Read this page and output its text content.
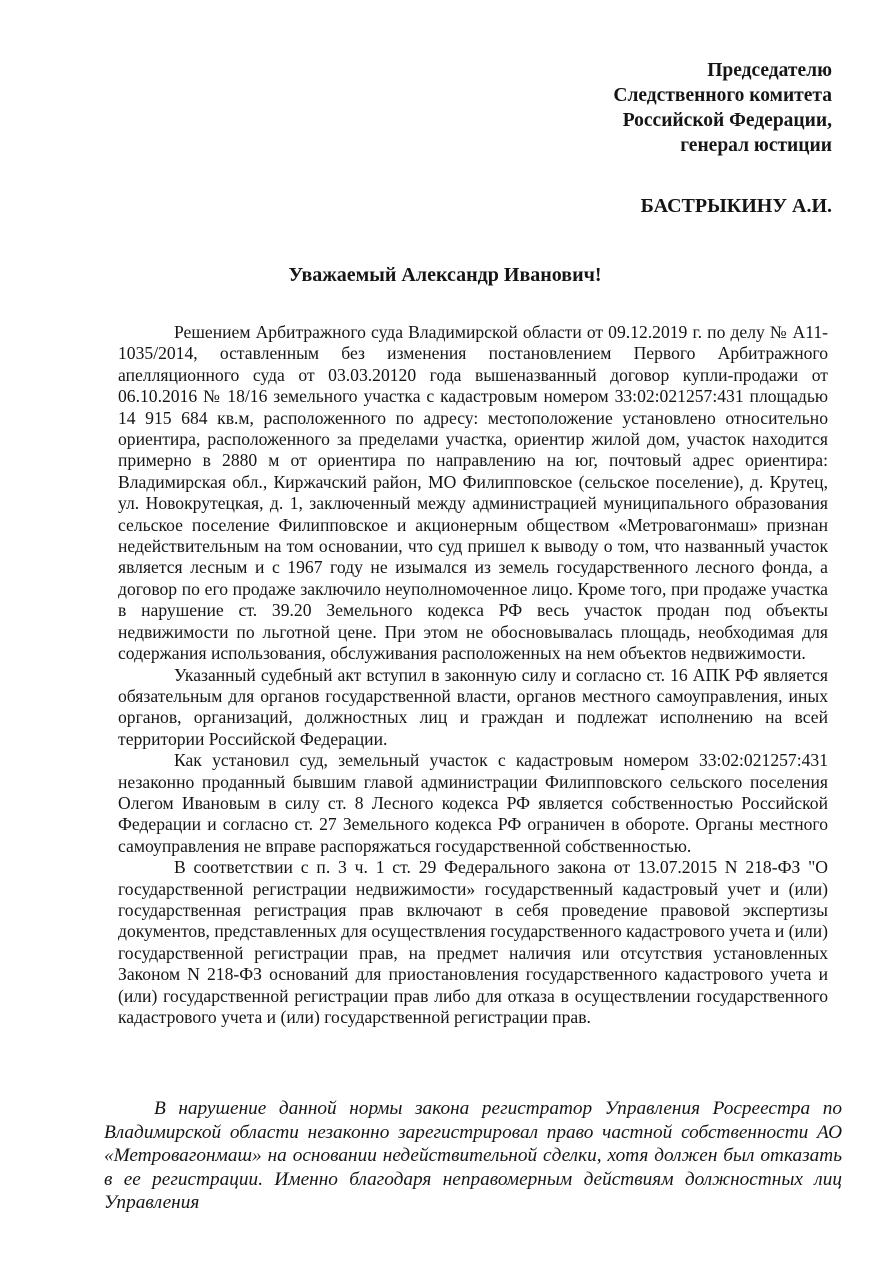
Председателю
Следственного комитета
Российской Федерации,
генерал юстиции
БАСТРЫКИНУ А.И.
Уважаемый Александр Иванович!

Решением Арбитражного суда Владимирской области от 09.12.2019 г. по делу № А11-1035/2014, оставленным без изменения постановлением Первого Арбитражного апелляционного суда от 03.03.20120 года вышеназванный договор купли-продажи от 06.10.2016 № 18/16 земельного участка с кадастровым номером 33:02:021257:431 площадью 14 915 684 кв.м, расположенного по адресу: местоположение установлено относительно ориентира, расположенного за пределами участка, ориентир жилой дом, участок находится примерно в 2880 м от ориентира по направлению на юг, почтовый адрес ориентира: Владимирская обл., Киржачский район, МО Филипповское (сельское поселение), д. Крутец, ул. Новокрутецкая, д. 1, заключенный между администрацией муниципального образования сельское поселение Филипповское и акционерным обществом «Метровагонмаш» признан недействительным на том основании, что суд пришел к выводу о том, что названный участок является лесным и с 1967 году не изымался из земель государственного лесного фонда, а договор по его продаже заключило неуполномоченное лицо. Кроме того, при продаже участка в нарушение ст. 39.20 Земельного кодекса РФ весь участок продан под объекты недвижимости по льготной цене. При этом не обосновывалась площадь, необходимая для содержания использования, обслуживания расположенных на нем объектов недвижимости.

Указанный судебный акт вступил в законную силу и согласно ст. 16 АПК РФ является обязательным для органов государственной власти, органов местного самоуправления, иных органов, организаций, должностных лиц и граждан и подлежат исполнению на всей территории Российской Федерации.

Как установил суд, земельный участок с кадастровым номером 33:02:021257:431 незаконно проданный бывшим главой администрации Филипповского сельского поселения Олегом Ивановым в силу ст. 8 Лесного кодекса РФ является собственностью Российской Федерации и согласно ст. 27 Земельного кодекса РФ ограничен в обороте. Органы местного самоуправления не вправе распоряжаться государственной собственностью.

В соответствии с п. 3 ч. 1 ст. 29 Федерального закона от 13.07.2015 N 218-ФЗ "О государственной регистрации недвижимости» государственный кадастровый учет и (или) государственная регистрация прав включают в себя проведение правовой экспертизы документов, представленных для осуществления государственного кадастрового учета и (или) государственной регистрации прав, на предмет наличия или отсутствия установленных Законом N 218-ФЗ оснований для приостановления государственного кадастрового учета и (или) государственной регистрации прав либо для отказа в осуществлении государственного кадастрового учета и (или) государственной регистрации прав.

В нарушение данной нормы закона регистратор Управления Росреестра по Владимирской области незаконно зарегистрировал право частной собственности АО «Метровагонмаш» на основании недействительной сделки, хотя должен был отказать в ее регистрации. Именно благодаря неправомерным действиям должностных лиц Управления
